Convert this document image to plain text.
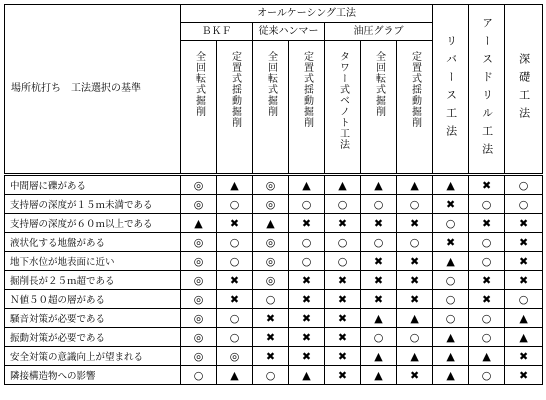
場所杭打ち　工法選択の基準	オールケーシング工法							リバース工法	アースドリル工法	深礎工法

	ＢＫＦ		従来ハンマー		油圧グラブ					

	全回転式掘削	定置式揺動掘削	全回転式掘削	定置式揺動掘削	タワー式ベノト工法	全回転式掘削	定置式揺動掘削			

中間層に礫がある	◎	▲	◎	▲	▲	▲	▲	▲	✖	○
支持層の深度が１５ｍ未満である	◎	○	◎	○	○	○	○	✖	○	○
支持層の深度が６０ｍ以上である	▲	✖	▲	✖	✖	✖	✖	○	✖	✖
液状化する地盤がある	◎	○	◎	○	○	○	○	✖	○	✖
地下水位が地表面に近い	◎	○	◎	○	○	✖	✖	▲	○	✖
掘削長が２５ｍ超である	◎	✖	◎	✖	✖	✖	✖	○	✖	✖
Ｎ値５０超の層がある	◎	✖	○	✖	✖	✖	✖	○	✖	○
騒音対策が必要である	◎	○	✖	✖	✖	▲	▲	○	○	▲
振動対策が必要である	◎	○	✖	✖	✖	○	○	▲	○	▲
安全対策の意識向上が望まれる	◎	◎	✖	✖	✖	▲	▲	▲	▲	✖
隣接構造物への影響	○	▲	○	▲	✖	▲	✖	▲	○	✖
